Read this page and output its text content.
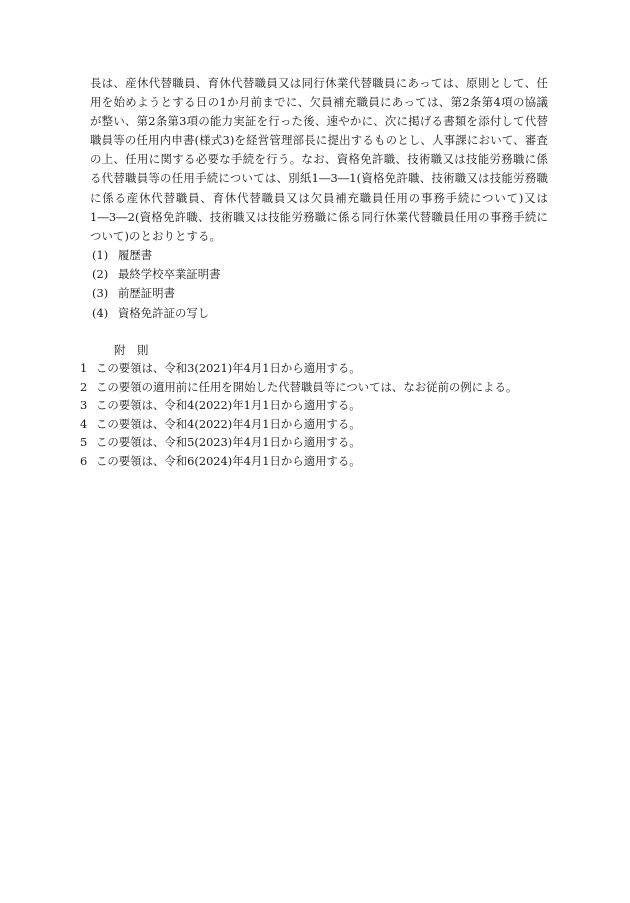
長は、産休代替職員、育休代替職員又は同行休業代替職員にあっては、原則として、任用を始めようとする日の1か月前までに、欠員補充職員にあっては、第2条第4項の協議が整い、第2条第3項の能力実証を行った後、速やかに、次に掲げる書類を添付して代替職員等の任用内申書(様式3)を経営管理部長に提出するものとし、人事課において、審査の上、任用に関する必要な手続を行う。なお、資格免許職、技術職又は技能労務職に係る代替職員等の任用手続については、別紙1―3―1(資格免許職、技術職又は技能労務職に係る産休代替職員、育休代替職員又は欠員補充職員任用の事務手続について)又は1―3―2(資格免許職、技術職又は技能労務職に係る同行休業代替職員任用の事務手続について)のとおりとする。

(1) 履歴書
(2) 最終学校卒業証明書
(3) 前歴証明書
(4) 資格免許証の写し
附 則
1 この要領は、令和3(2021)年4月1日から適用する。
2 この要領の適用前に任用を開始した代替職員等については、なお従前の例による。
3 この要領は、令和4(2022)年1月1日から適用する。
4 この要領は、令和4(2022)年4月1日から適用する。
5 この要領は、令和5(2023)年4月1日から適用する。
6 この要領は、令和6(2024)年4月1日から適用する。
